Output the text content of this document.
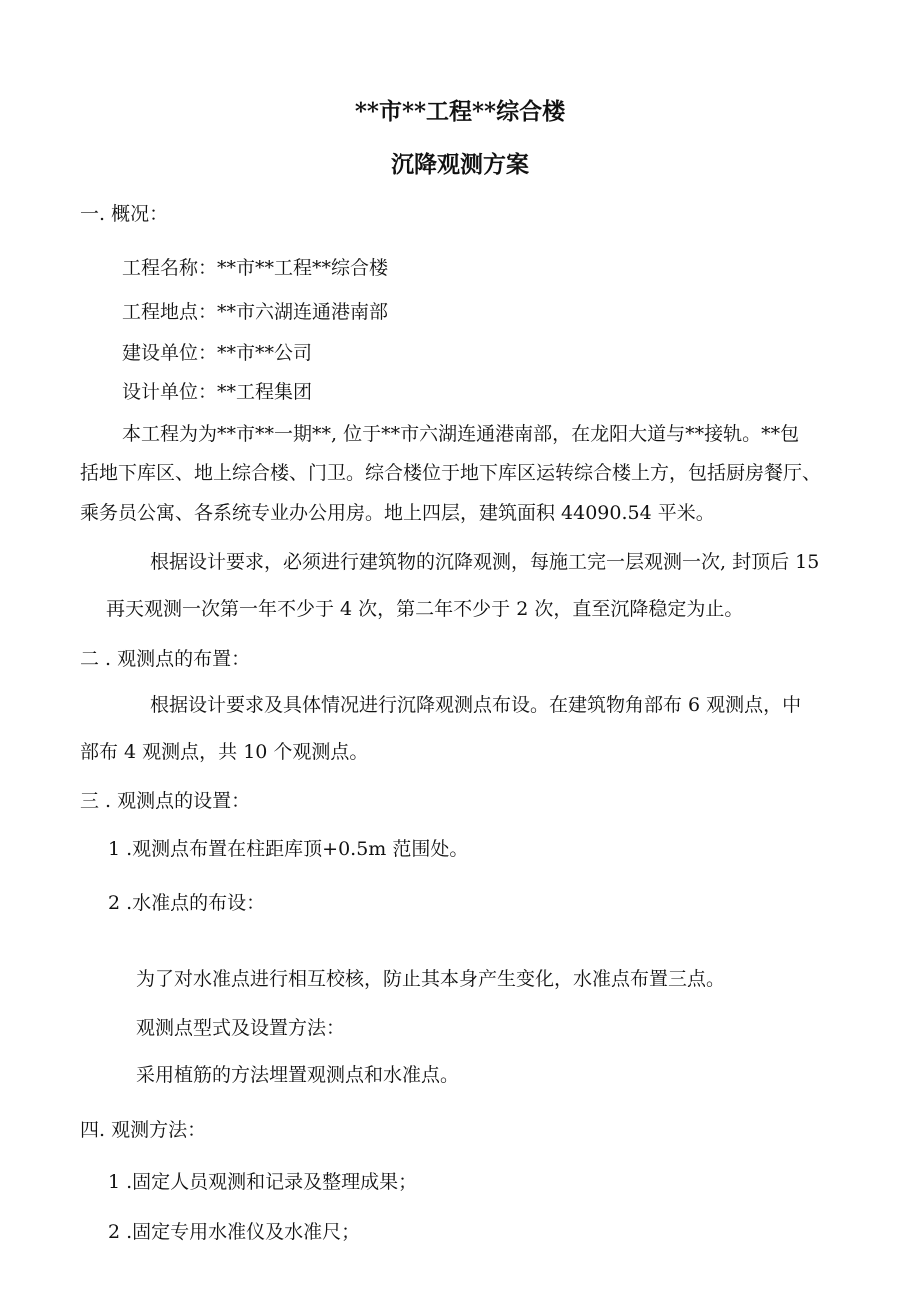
**市**工程**综合楼
沉降观测方案
一. 概况：
工程名称：**市**工程**综合楼
工程地点：**市六湖连通港南部
建设单位：**市**公司
设计单位：**工程集团
本工程为为**市**一期**, 位于**市六湖连通港南部，在龙阳大道与**接轨。**包
括地下库区、地上综合楼、门卫。综合楼位于地下库区运转综合楼上方，包括厨房餐厅、
乘务员公寓、各系统专业办公用房。地上四层，建筑面积 44090.54 平米。
根据设计要求，必须进行建筑物的沉降观测，每施工完一层观测一次, 封顶后 15
再天观测一次第一年不少于 4 次，第二年不少于 2 次，直至沉降稳定为止。
二 . 观测点的布置：
根据设计要求及具体情况进行沉降观测点布设。在建筑物角部布 6 观测点，中
部布 4 观测点，共 10 个观测点。
三 . 观测点的设置：
1 .观测点布置在柱距库顶+0.5m 范围处。
2 .水准点的布设：
为了对水准点进行相互校核，防止其本身产生变化，水准点布置三点。
观测点型式及设置方法：
采用植筋的方法埋置观测点和水准点。
四. 观测方法：
1 .固定人员观测和记录及整理成果；
2 .固定专用水准仪及水准尺；
